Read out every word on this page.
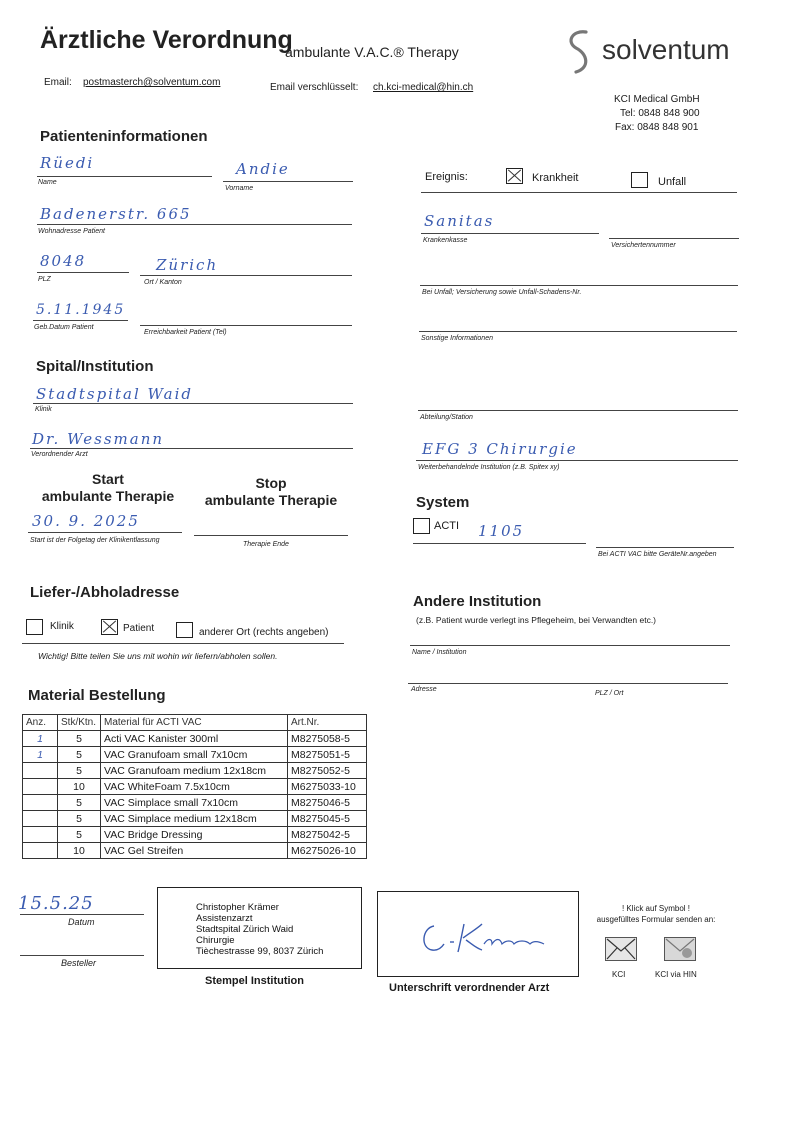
Ärztliche Verordnung
ambulante V.A.C.® Therapy	solventum
Email: postmasterch@solventum.com	Email verschlüsselt: ch.kci-medical@hin.ch
KCI Medical GmbH
Tel: 0848 848 900
Fax: 0848 848 901
Patienteninformationen
Rüedi
Name
Andie
Vorname
Badenerstr. 665
Wohnadresse Patient
8048
PLZ
Zürich
Ort / Kanton
5.11.1945
Geb.Datum Patient
Erreichbarkeit Patient (Tel)
Ereignis:	Krankheit	Unfall
Sanitas
Krankenkasse
Versichertennummer
Bei Unfall; Versicherung sowie Unfall-Schadens-Nr.
Sonstige Informationen
Spital/Institution
Stadtspital Waid
Klinik
Dr. Wessmann
Verordnender Arzt
Abteilung/Station
EFG 3 Chirurgie
Weiterbehandelnde Institution (z.B. Spitex xy)
Start
ambulante Therapie
Stop
ambulante Therapie
30. 9. 2025
Start ist der Folgetag der Klinikentlassung
Therapie Ende
System
ACTI 1105
Bei ACTI VAC bitte GeräteNr.angeben
Liefer-/Abholadresse
Klinik	Patient	anderer Ort (rechts angeben)
Wichtig! Bitte teilen Sie uns mit wohin wir liefern/abholen sollen.
Andere Institution
(z.B. Patient wurde verlegt ins Pflegeheim, bei Verwandten etc.)
Name / Institution
Adresse
PLZ / Ort
Material Bestellung
Anz.	Stk/Ktn.	Material für ACTI VAC	Art.Nr.
1	5	Acti VAC Kanister 300ml	M8275058-5
1	5	VAC Granufoam small 7x10cm	M8275051-5
	5	VAC Granufoam medium 12x18cm	M8275052-5
	10	VAC WhiteFoam 7.5x10cm	M6275033-10
	5	VAC Simplace small 7x10cm	M8275046-5
	5	VAC Simplace medium 12x18cm	M8275045-5
	5	VAC Bridge Dressing	M8275042-5
	10	VAC Gel Streifen	M6275026-10
15.5.25
Datum
Besteller
Christopher Krämer
Assistenzarzt
Stadtspital Zürich Waid
Chirurgie
Tièchestrasse 99, 8037 Zürich
Stempel Institution
Unterschrift verordnender Arzt
! Klick auf Symbol !
ausgefülltes Formular senden an:
KCI	KCI via HIN
